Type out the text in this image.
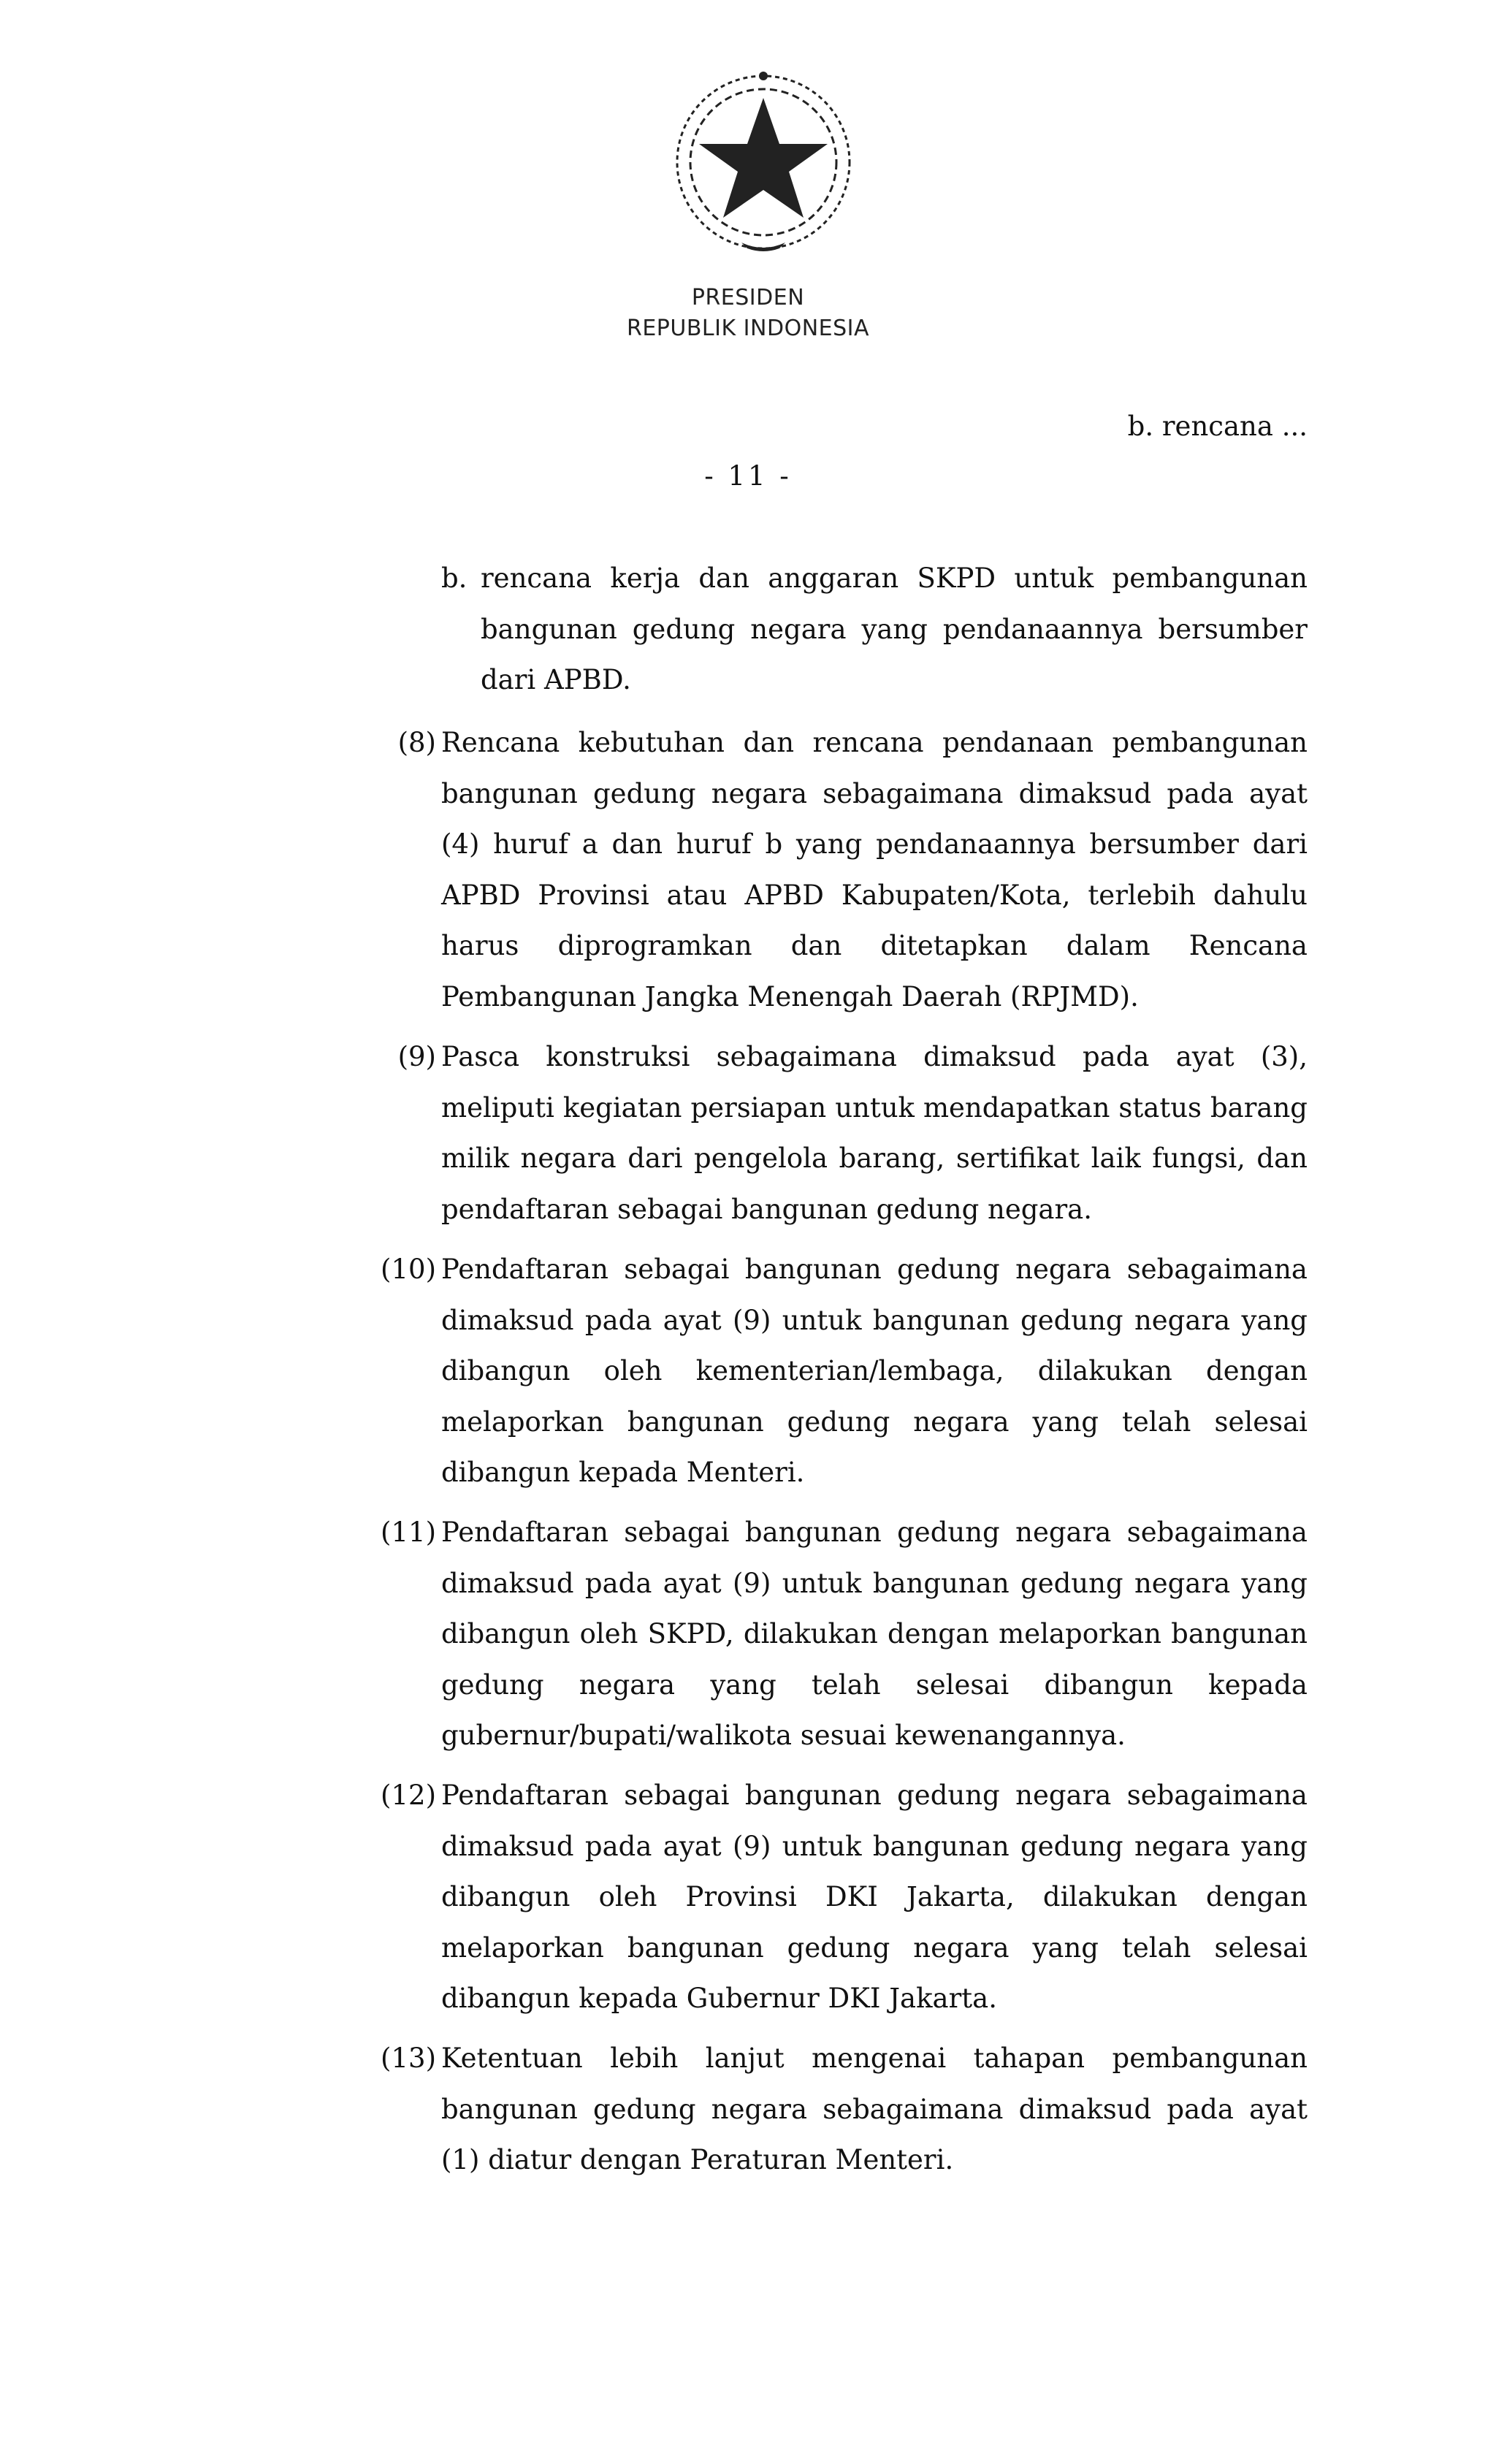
PRESIDEN
REPUBLIK INDONESIA
b. rencana ...
- 11 -
b. rencana kerja dan anggaran SKPD untuk pembangunan bangunan gedung negara yang pendanaannya bersumber dari APBD.
(8) Rencana kebutuhan dan rencana pendanaan pembangunan bangunan gedung negara sebagaimana dimaksud pada ayat (4) huruf a dan huruf b yang pendanaannya bersumber dari APBD Provinsi atau APBD Kabupaten/Kota, terlebih dahulu harus diprogramkan dan ditetapkan dalam Rencana Pembangunan Jangka Menengah Daerah (RPJMD).
(9) Pasca konstruksi sebagaimana dimaksud pada ayat (3), meliputi kegiatan persiapan untuk mendapatkan status barang milik negara dari pengelola barang, sertifikat laik fungsi, dan pendaftaran sebagai bangunan gedung negara.
(10) Pendaftaran sebagai bangunan gedung negara sebagaimana dimaksud pada ayat (9) untuk bangunan gedung negara yang dibangun oleh kementerian/lembaga, dilakukan dengan melaporkan bangunan gedung negara yang telah selesai dibangun kepada Menteri.
(11) Pendaftaran sebagai bangunan gedung negara sebagaimana dimaksud pada ayat (9) untuk bangunan gedung negara yang dibangun oleh SKPD, dilakukan dengan melaporkan bangunan gedung negara yang telah selesai dibangun kepada gubernur/bupati/walikota sesuai kewenangannya.
(12) Pendaftaran sebagai bangunan gedung negara sebagaimana dimaksud pada ayat (9) untuk bangunan gedung negara yang dibangun oleh Provinsi DKI Jakarta, dilakukan dengan melaporkan bangunan gedung negara yang telah selesai dibangun kepada Gubernur DKI Jakarta.
(13) Ketentuan lebih lanjut mengenai tahapan pembangunan bangunan gedung negara sebagaimana dimaksud pada ayat (1) diatur dengan Peraturan Menteri.
